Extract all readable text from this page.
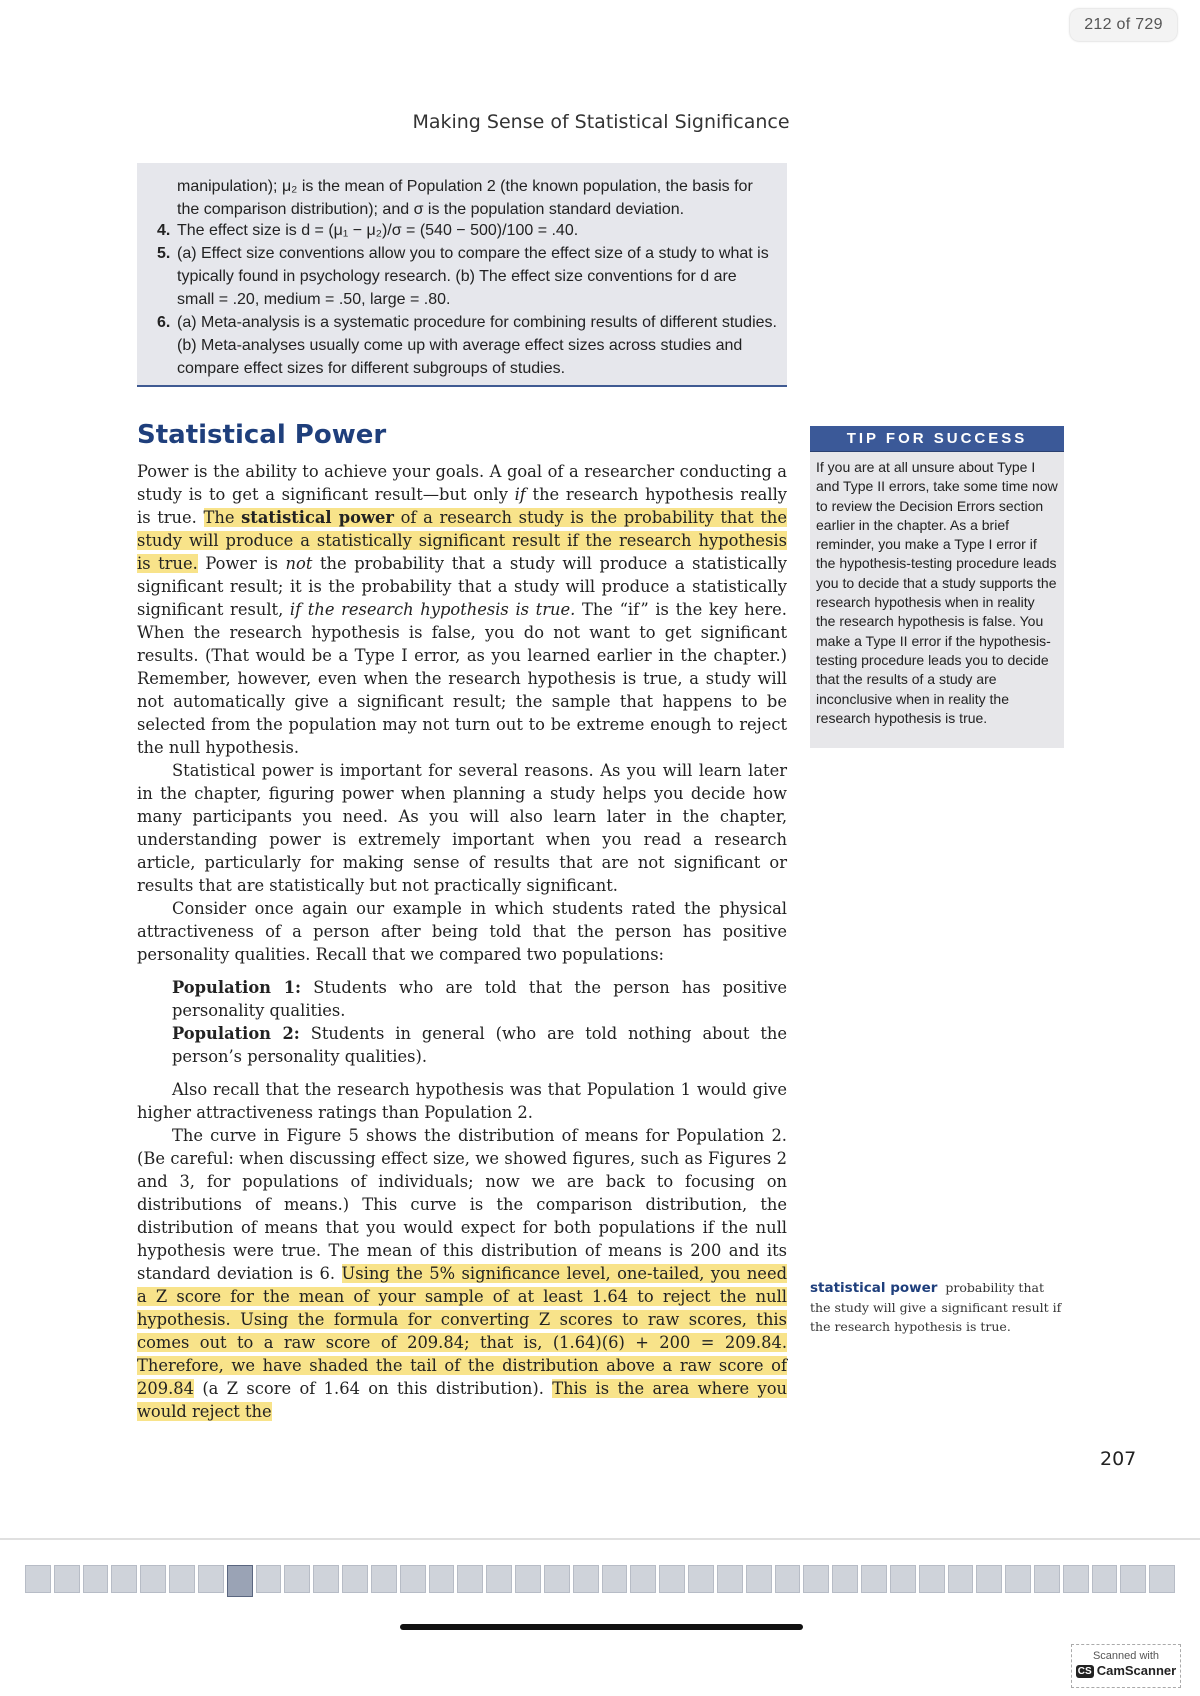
212 of 729
Making Sense of Statistical Significance
manipulation); μ₂ is the mean of Population 2 (the known population, the basis for the comparison distribution); and σ is the population standard deviation.
4. The effect size is d = (μ₁ − μ₂)/σ = (540 − 500)/100 = .40.
5. (a) Effect size conventions allow you to compare the effect size of a study to what is typically found in psychology research. (b) The effect size conventions for d are small = .20, medium = .50, large = .80.
6. (a) Meta-analysis is a systematic procedure for combining results of different studies. (b) Meta-analyses usually come up with average effect sizes across studies and compare effect sizes for different subgroups of studies.
Statistical Power

Power is the ability to achieve your goals. A goal of a researcher conducting a study is to get a significant result—but only if the research hypothesis really is true. The statistical power of a research study is the probability that the study will produce a statistically significant result if the research hypothesis is true. Power is not the probability that a study will produce a statistically significant result; it is the probability that a study will produce a statistically significant result, if the research hypothesis is true. The “if” is the key here. When the research hypothesis is false, you do not want to get significant results. (That would be a Type I error, as you learned earlier in the chapter.) Remember, however, even when the research hypothesis is true, a study will not automatically give a significant result; the sample that happens to be selected from the population may not turn out to be extreme enough to reject the null hypothesis.

Statistical power is important for several reasons. As you will learn later in the chapter, figuring power when planning a study helps you decide how many participants you need. As you will also learn later in the chapter, understanding power is extremely important when you read a research article, particularly for making sense of results that are not significant or results that are statistically but not practically significant.

Consider once again our example in which students rated the physical attractiveness of a person after being told that the person has positive personality qualities. Recall that we compared two populations:

Population 1: Students who are told that the person has positive personality qualities.
Population 2: Students in general (who are told nothing about the person’s personality qualities).

Also recall that the research hypothesis was that Population 1 would give higher attractiveness ratings than Population 2.

The curve in Figure 5 shows the distribution of means for Population 2. (Be careful: when discussing effect size, we showed figures, such as Figures 2 and 3, for populations of individuals; now we are back to focusing on distributions of means.) This curve is the comparison distribution, the distribution of means that you would expect for both populations if the null hypothesis were true. The mean of this distribution of means is 200 and its standard deviation is 6. Using the 5% significance level, one-tailed, you need a Z score for the mean of your sample of at least 1.64 to reject the null hypothesis. Using the formula for converting Z scores to raw scores, this comes out to a raw score of 209.84; that is, (1.64)(6) + 200 = 209.84. Therefore, we have shaded the tail of the distribution above a raw score of 209.84 (a Z score of 1.64 on this distribution). This is the area where you would reject the

TIP FOR SUCCESS
If you are at all unsure about Type I and Type II errors, take some time now to review the Decision Errors section earlier in the chapter. As a brief reminder, you make a Type I error if the hypothesis-testing procedure leads you to decide that a study supports the research hypothesis when in reality the research hypothesis is false. You make a Type II error if the hypothesis-testing procedure leads you to decide that the results of a study are inconclusive when in reality the research hypothesis is true.
statistical power probability that the study will give a significant result if the research hypothesis is true.
207
Scanned with
CS CamScanner
